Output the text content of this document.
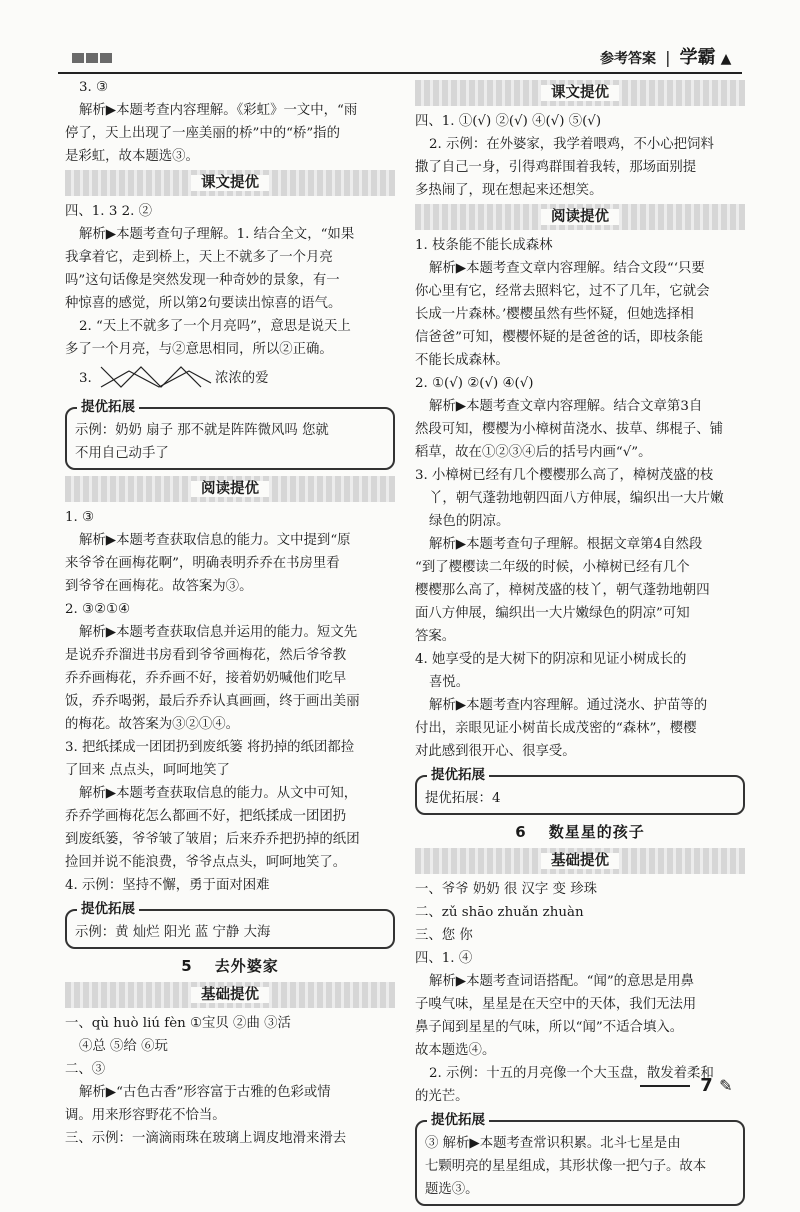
参考答案 | 学霸 ▲

3. ③

解析▶本题考查内容理解。《彩虹》一文中，“雨

停了，天上出现了一座美丽的桥”中的“桥”指的

是彩虹，故本题选③。

课文提优

四、1. 3 2. ②

解析▶本题考查句子理解。1. 结合全文，“如果

我拿着它，走到桥上，天上不就多了一个月亮

吗”这句话像是突然发现一种奇妙的景象，有一

种惊喜的感觉，所以第2句要读出惊喜的语气。

2. “天上不就多了一个月亮吗”，意思是说天上

多了一个月亮，与②意思相同，所以②正确。

3.	浓浓的爱
提优拓展

示例：奶奶 扇子 那不就是阵阵微风吗 您就

不用自己动手了

阅读提优

1. ③

解析▶本题考查获取信息的能力。文中提到“原

来爷爷在画梅花啊”，明确表明乔乔在书房里看

到爷爷在画梅花。故答案为③。

2. ③②①④

解析▶本题考查获取信息并运用的能力。短文先

是说乔乔溜进书房看到爷爷画梅花，然后爷爷教

乔乔画梅花，乔乔画不好，接着奶奶喊他们吃早

饭，乔乔喝粥，最后乔乔认真画画，终于画出美丽

的梅花。故答案为③②①④。

3. 把纸揉成一团团扔到废纸篓 将扔掉的纸团都捡

了回来 点点头，呵呵地笑了

解析▶本题考查获取信息的能力。从文中可知，

乔乔学画梅花怎么都画不好，把纸揉成一团团扔

到废纸篓，爷爷皱了皱眉；后来乔乔把扔掉的纸团

捡回并说不能浪费，爷爷点点头，呵呵地笑了。

4. 示例：坚持不懈，勇于面对困难

提优拓展

示例：黄 灿烂 阳光 蓝 宁静 大海

5 去外婆家
基础提优

一、qù huò liú fèn ①宝贝 ②曲 ③活

④总 ⑤给 ⑥玩

二、③

解析▶“古色古香”形容富于古雅的色彩或情

调。用来形容野花不恰当。

三、示例：一滴滴雨珠在玻璃上调皮地滑来滑去

课文提优

四、1. ①(√) ②(√) ④(√) ⑤(√)

2. 示例：在外婆家，我学着喂鸡，不小心把饲料

撒了自己一身，引得鸡群围着我转，那场面别提

多热闹了，现在想起来还想笑。

阅读提优

1. 枝条能不能长成森林

解析▶本题考查文章内容理解。结合文段“‘只要

你心里有它，经常去照料它，过不了几年，它就会

长成一片森林。’樱樱虽然有些怀疑，但她选择相

信爸爸”可知，樱樱怀疑的是爸爸的话，即枝条能

不能长成森林。

2. ①(√) ②(√) ④(√)

解析▶本题考查文章内容理解。结合文章第3自

然段可知，樱樱为小樟树苗浇水、拔草、绑棍子、铺

稻草，故在①②③④后的括号内画“√”。

3. 小樟树已经有几个樱樱那么高了，樟树茂盛的枝

丫，朝气蓬勃地朝四面八方伸展，编织出一大片嫩

绿色的阴凉。

解析▶本题考查句子理解。根据文章第4自然段

“到了樱樱读二年级的时候，小樟树已经有几个

樱樱那么高了，樟树茂盛的枝丫，朝气蓬勃地朝四

面八方伸展，编织出一大片嫩绿色的阴凉”可知

答案。

4. 她享受的是大树下的阴凉和见证小树成长的

喜悦。

解析▶本题考查内容理解。通过浇水、护苗等的

付出，亲眼见证小树苗长成茂密的“森林”，樱樱

对此感到很开心、很享受。

提优拓展

提优拓展：4

6 数星星的孩子
基础提优

一、爷爷 奶奶 很 汉字 变 珍珠

二、zǔ shāo zhuǎn zhuàn

三、您 你

四、1. ④

解析▶本题考查词语搭配。“闻”的意思是用鼻

子嗅气味，星星是在天空中的天体，我们无法用

鼻子闻到星星的气味，所以“闻”不适合填入。

故本题选④。

2. 示例：十五的月亮像一个大玉盘，散发着柔和

的光芒。

提优拓展

③ 解析▶本题考查常识积累。北斗七星是由

七颗明亮的星星组成，其形状像一把勺子。故本

题选③。

7 ✎
